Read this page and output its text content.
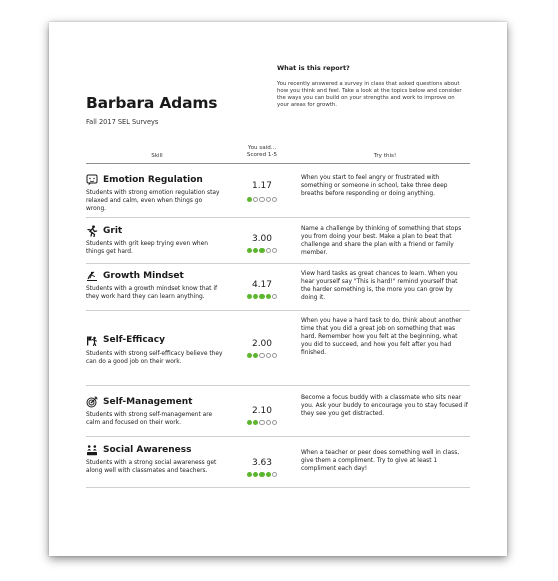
Barbara Adams
Fall 2017 SEL Surveys
What is this report?
You recently answered a survey in class that asked questions about how you think and feel. Take a look at the topics below and consider the ways you can build on your strengths and work to improve on your areas for growth.
Skill
You said...
Scored 1-5	Try this!
Emotion Regulation
Students with strong emotion regulation stay relaxed and calm, even when things go wrong.
1.17
When you start to feel angry or frustrated with something or someone in school, take three deep breaths before responding or doing anything.
Grit
Students with grit keep trying even when things get hard.
3.00
Name a challenge by thinking of something that stops you from doing your best. Make a plan to beat that challenge and share the plan with a friend or family member.
Growth Mindset
Students with a growth mindset know that if they work hard they can learn anything.
4.17
View hard tasks as great chances to learn. When you hear yourself say "This is hard!" remind yourself that the harder something is, the more you can grow by doing it.
Self-Efficacy
Students with strong self-efficacy believe they can do a good job on their work.
2.00
When you have a hard task to do, think about another time that you did a great job on something that was hard. Remember how you felt at the beginning, what you did to succeed, and how you felt after you had finished.
Self-Management
Students with strong self-management are calm and focused on their work.
2.10
Become a focus buddy with a classmate who sits near you. Ask your buddy to encourage you to stay focused if they see you get distracted.
Social Awareness
Students with a strong social awareness get along well with classmates and teachers.
3.63
When a teacher or peer does something well in class, give them a compliment. Try to give at least 1 compliment each day!
